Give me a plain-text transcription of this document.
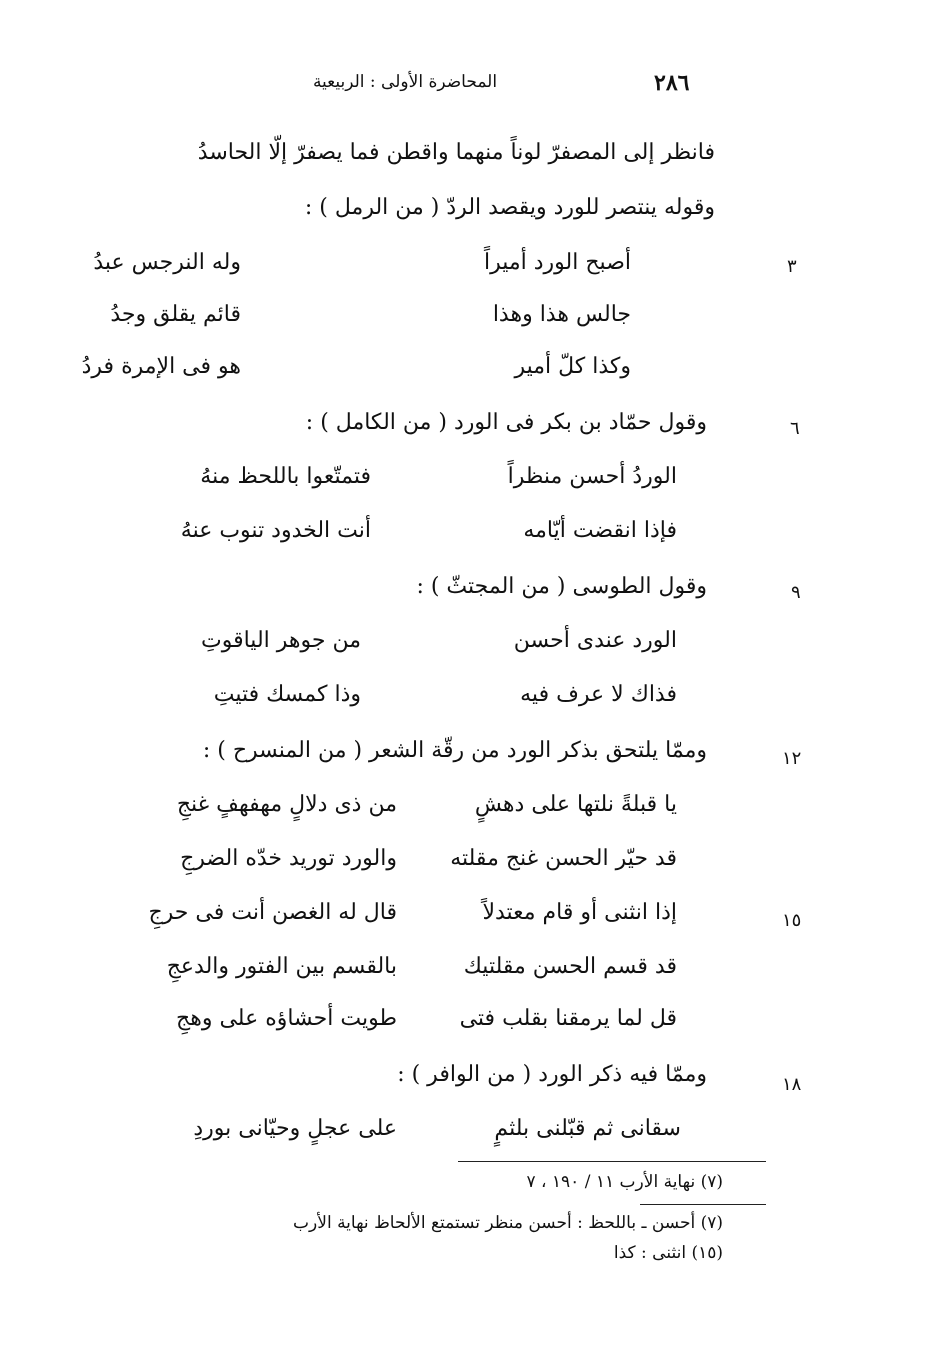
٢٨٦
المحاضرة الأولى : الربيعية
فانظر إلى المصفرّ لوناً منهما واقطن فما يصفرّ إلّا الحاسدُ
وقوله ينتصر للورد ويقصد الردّ ( من الرمل ) :
٣
أصبح الورد أميراً
وله النرجس عبدُ
جالس هذا وهذا
قائم يقلق وجدُ
وكذا كلّ أمير
هو فى الإمرة فردُ
٦
وقول حمّاد بن بكر فى الورد ( من الكامل ) :
الوردُ أحسن منظراً
فتمتّعوا باللحظ منهُ
فإذا انقضت أيّامه
أنت الخدود تنوب عنهُ
٩
وقول الطوسى ( من المجتثّ ) :
الورد عندى أحسن
من جوهر الياقوتِ
فذاك لا عرف فيه
وذا كمسك فتيتِ
١٢
وممّا يلتحق بذكر الورد من رقّة الشعر ( من المنسرح ) :
يا قبلةً نلتها على دهشٍ
من ذى دلالٍ مهفهفٍ غنجِ
قد حيّر الحسن غنج مقلته
والورد توريد خدّه الضرجِ
١٥
إذا انثنى أو قام معتدلاً
قال له الغصن أنت فى حرجِ
قد قسم الحسن مقلتيك
بالقسم بين الفتور والدعجِ
قل لما يرمقنا بقلب فتى
طويت أحشاؤه على وهجِ
١٨
وممّا فيه ذكر الورد ( من الوافر ) :
سقانى ثم قبّلنى بلثمٍ
على عجلٍ وحيّانى بوردِ
(٧) نهاية الأرب ١١ / ١٩٠ ، ٧
(٧) أحسن ـ باللحظ : أحسن منظر تستمتع الألحاظ نهاية الأرب
(١٥) انثنى : كذا
